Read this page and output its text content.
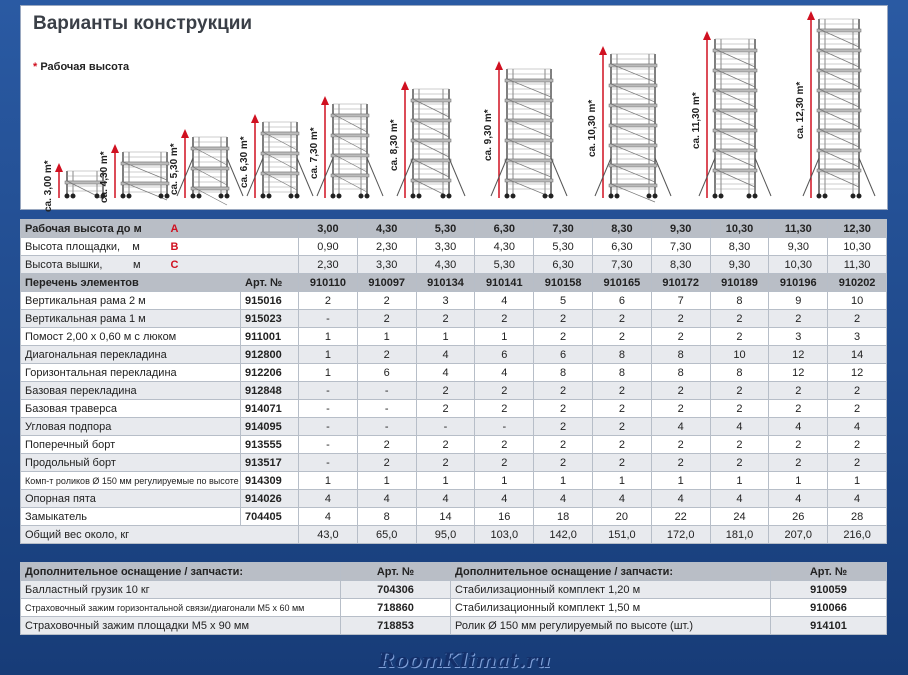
Варианты конструкции
* Рабочая высота
ca. 3,00 m*	ca. 4,30 m*	ca. 5,30 m*	ca. 6,30 m*	ca. 7,30 m*	ca. 8,30 m*	ca. 9,30 m*	ca. 10,30 m*	ca. 11,30 m*	ca. 12,30 m*
Рабочая высота до м A		3,00	4,30	5,30	6,30	7,30	8,30	9,30	10,30	11,30	12,30
Высота площадки,    м B		0,90	2,30	3,30	4,30	5,30	6,30	7,30	8,30	9,30	10,30
Высота вышки,          м C		2,30	3,30	4,30	5,30	6,30	7,30	8,30	9,30	10,30	11,30
Перечень элементов	Арт. №	910110	910097	910134	910141	910158	910165	910172	910189	910196	910202
Вертикальная рама 2 м	915016	2	2	3	4	5	6	7	8	9	10
Вертикальная рама 1 м	915023	-	2	2	2	2	2	2	2	2	2
Помост 2,00 x 0,60 м с люком	911001	1	1	1	1	2	2	2	2	3	3
Диагональная перекладина	912800	1	2	4	6	6	8	8	10	12	14
Горизонтальная перекладина	912206	1	6	4	4	8	8	8	8	12	12
Базовая перекладина	912848	-	-	2	2	2	2	2	2	2	2
Базовая траверса	914071	-	-	2	2	2	2	2	2	2	2
Угловая подпора	914095	-	-	-	-	2	2	4	4	4	4
Поперечный борт	913555	-	2	2	2	2	2	2	2	2	2
Продольный борт	913517	-	2	2	2	2	2	2	2	2	2
Комп-т роликов Ø 150 мм регулируемые по высоте	914309	1	1	1	1	1	1	1	1	1	1
Опорная пята	914026	4	4	4	4	4	4	4	4	4	4
Замыкатель	704405	4	8	14	16	18	20	22	24	26	28
Общий вес около, кг		43,0	65,0	95,0	103,0	142,0	151,0	172,0	181,0	207,0	216,0
Дополнительное оснащение / запчасти:	Арт. №	Дополнительное оснащение / запчасти:	Арт. №
Балластный грузик 10 кг	704306	Стабилизационный комплект 1,20 м	910059
Страховочный зажим горизонтальной связи/диагонали M5 x 60 мм	718860	Стабилизационный комплект 1,50 м	910066
Страховочный зажим площадки M5 x 90 мм	718853	Ролик Ø 150 мм регулируемый по высоте (шт.)	914101
RoomKlimat.ru
